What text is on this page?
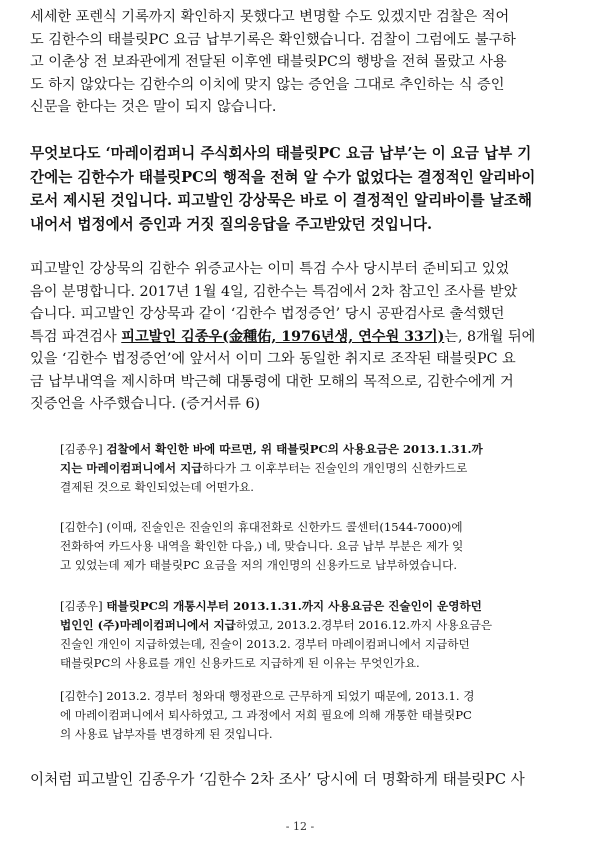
세세한 포렌식 기록까지 확인하지 못했다고 변명할 수도 있겠지만 검찰은 적어
도 김한수의 태블릿PC 요금 납부기록은 확인했습니다. 검찰이 그럼에도 불구하
고 이춘상 전 보좌관에게 전달된 이후엔 태블릿PC의 행방을 전혀 몰랐고 사용
도 하지 않았다는 김한수의 이치에 맞지 않는 증언을 그대로 추인하는 식 증인
신문을 한다는 것은 말이 되지 않습니다.
무엇보다도 ‘마레이컴퍼니 주식회사의 태블릿PC 요금 납부’는 이 요금 납부 기
간에는 김한수가 태블릿PC의 행적을 전혀 알 수가 없었다는 결정적인 알리바이
로서 제시된 것입니다. 피고발인 강상묵은 바로 이 결정적인 알리바이를 날조해
내어서 법정에서 증인과 거짓 질의응답을 주고받았던 것입니다.
피고발인 강상묵의 김한수 위증교사는 이미 특검 수사 당시부터 준비되고 있었
음이 분명합니다. 2017년 1월 4일, 김한수는 특검에서 2차 참고인 조사를 받았
습니다. 피고발인 강상묵과 같이 ‘김한수 법정증언’ 당시 공판검사로 출석했던
특검 파견검사 피고발인 김종우(金種佑, 1976년생, 연수원 33기)는, 8개월 뒤에
있을 ‘김한수 법정증언’에 앞서서 이미 그와 동일한 취지로 조작된 태블릿PC 요
금 납부내역을 제시하며 박근혜 대통령에 대한 모해의 목적으로, 김한수에게 거
짓증언을 사주했습니다. (증거서류 6)
[김종우] 검찰에서 확인한 바에 따르면, 위 태블릿PC의 사용요금은 2013.1.31.까
지는 마레이컴퍼니에서 지급하다가 그 이후부터는 진술인의 개인명의 신한카드로
결제된 것으로 확인되었는데 어떤가요.
[김한수] (이때, 진술인은 진술인의 휴대전화로 신한카드 콜센터(1544-7000)에
전화하여 카드사용 내역을 확인한 다음,) 네, 맞습니다. 요금 납부 부분은 제가 잊
고 있었는데 제가 태블릿PC 요금을 저의 개인명의 신용카드로 납부하였습니다.
[김종우] 태블릿PC의 개통시부터 2013.1.31.까지 사용요금은 진술인이 운영하던
법인인 (주)마레이컴퍼니에서 지급하였고, 2013.2.경부터 2016.12.까지 사용요금은
진술인 개인이 지급하였는데, 진술이 2013.2. 경부터 마레이컴퍼니에서 지급하던
태블릿PC의 사용료를 개인 신용카드로 지급하게 된 이유는 무엇인가요.
[김한수] 2013.2. 경부터 청와대 행정관으로 근무하게 되었기 때문에, 2013.1. 경
에 마레이컴퍼니에서 퇴사하였고, 그 과정에서 저희 필요에 의해 개통한 태블릿PC
의 사용료 납부자를 변경하게 된 것입니다.
이처럼 피고발인 김종우가 ‘김한수 2차 조사’ 당시에 더 명확하게 태블릿PC 사
- 12 -
